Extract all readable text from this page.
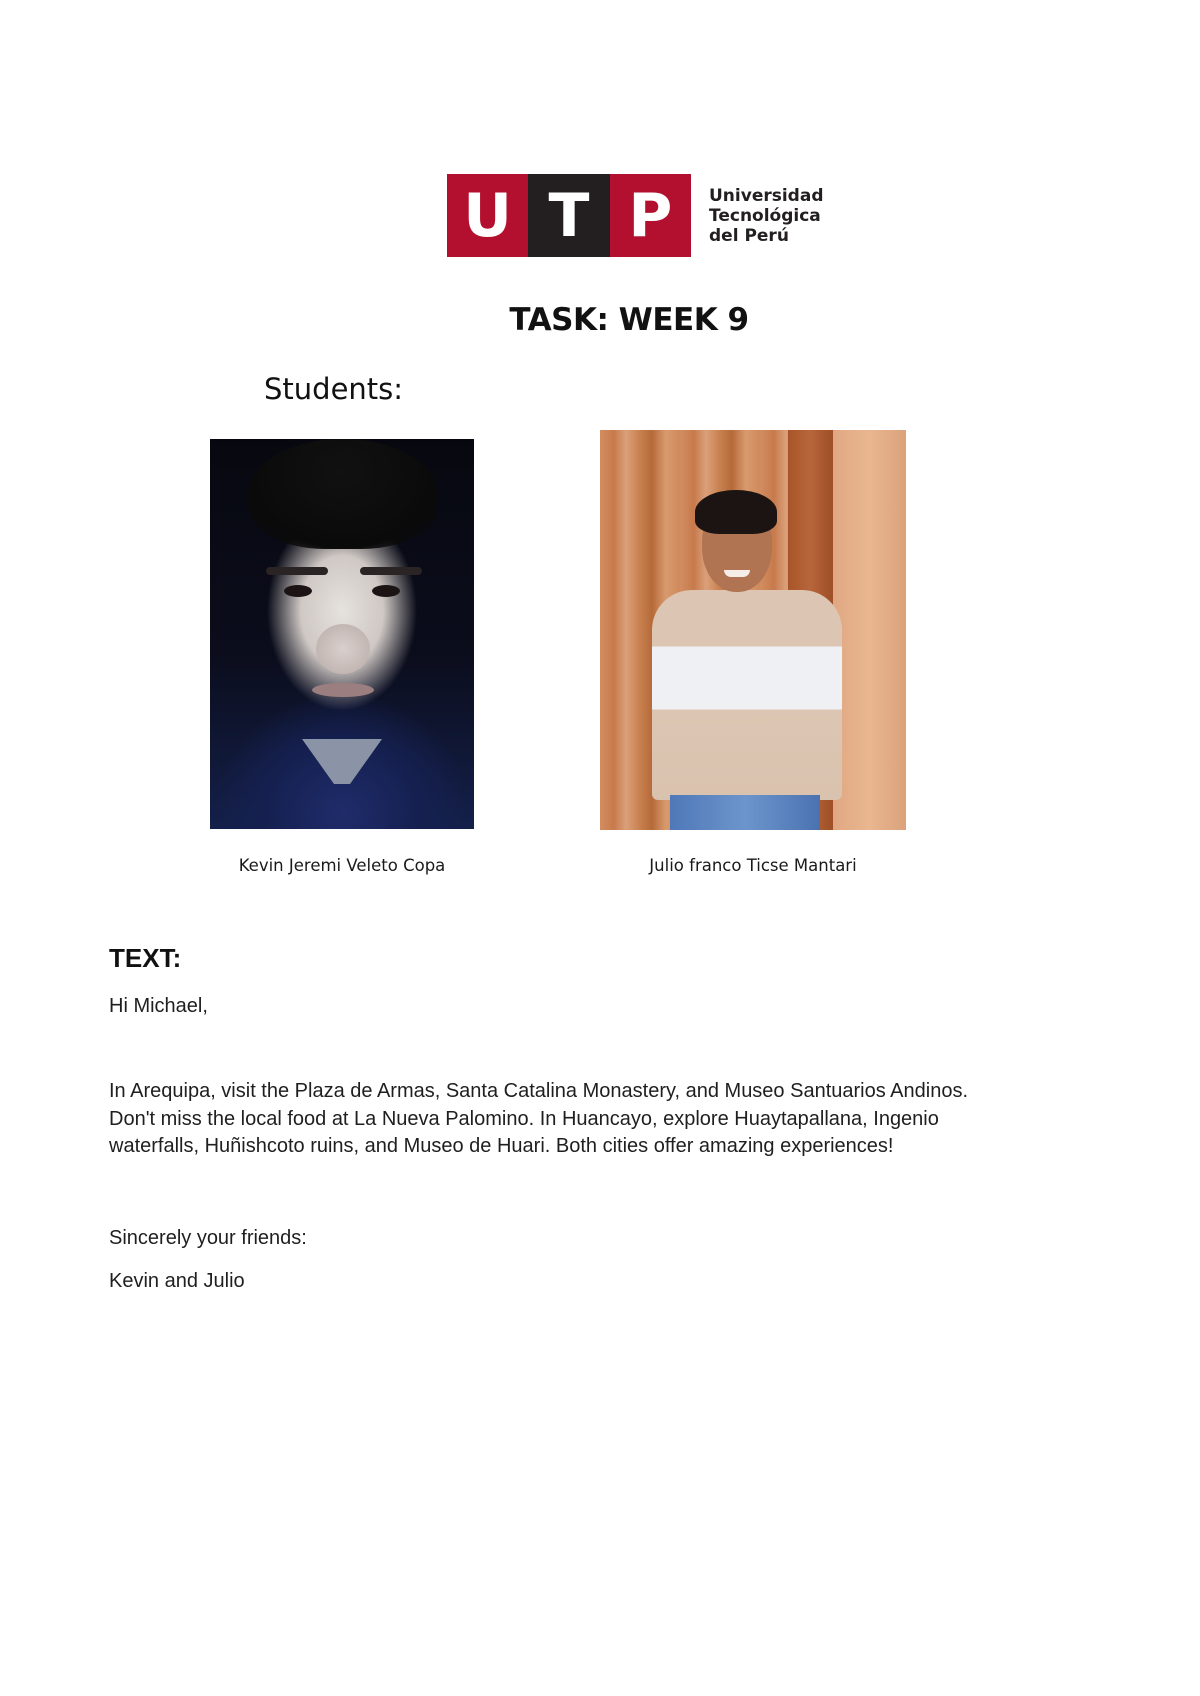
U T P	Universidad
Tecnológica
del Perú
TASK: WEEK 9
Students:
Kevin Jeremi Veleto Copa	Julio franco Ticse Mantari
TEXT:
Hi Michael,
In Arequipa, visit the Plaza de Armas, Santa Catalina Monastery, and Museo Santuarios Andinos.
Don't miss the local food at La Nueva Palomino. In Huancayo, explore Huaytapallana, Ingenio
waterfalls, Huñishcoto ruins, and Museo de Huari. Both cities offer amazing experiences!
Sincerely your friends:
Kevin and Julio
